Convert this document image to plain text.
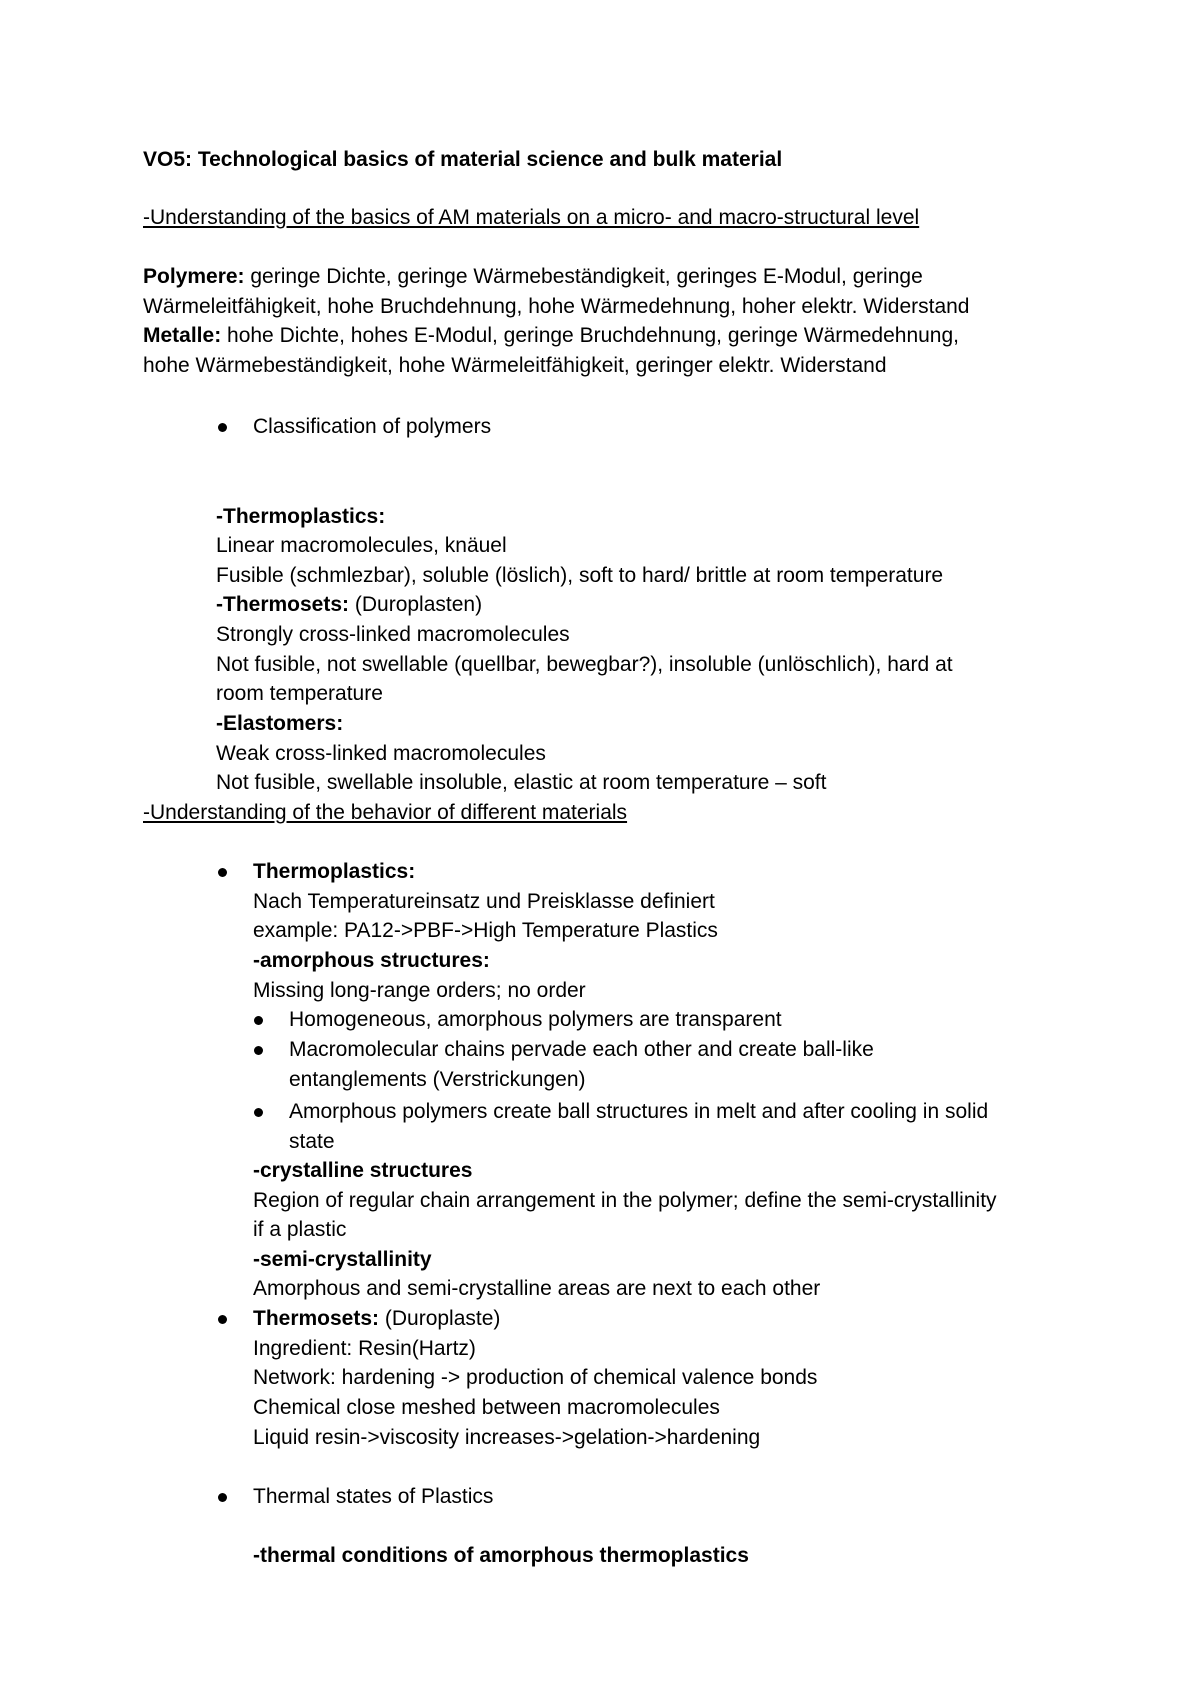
VO5: Technological basics of material science and bulk material
-Understanding of the basics of AM materials on a micro- and macro-structural level
Polymere: geringe Dichte, geringe Wärmebeständigkeit, geringes E-Modul, geringe
Wärmeleitfähigkeit, hohe Bruchdehnung, hohe Wärmedehnung, hoher elektr. Widerstand
Metalle: hohe Dichte, hohes E-Modul, geringe Bruchdehnung, geringe Wärmedehnung,
hohe Wärmebeständigkeit, hohe Wärmeleitfähigkeit, geringer elektr. Widerstand
Classification of polymers
-Thermoplastics:
Linear macromolecules, knäuel
Fusible (schmlezbar), soluble (löslich), soft to hard/ brittle at room temperature
-Thermosets: (Duroplasten)
Strongly cross-linked macromolecules
Not fusible, not swellable (quellbar, bewegbar?), insoluble (unlöschlich), hard at
room temperature
-Elastomers:
Weak cross-linked macromolecules
Not fusible, swellable insoluble, elastic at room temperature – soft
-Understanding of the behavior of different materials
Thermoplastics:
Nach Temperatureinsatz und Preisklasse definiert
example: PA12->PBF->High Temperature Plastics
-amorphous structures:
Missing long-range orders; no order
Homogeneous, amorphous polymers are transparent
Macromolecular chains pervade each other and create ball-like
entanglements (Verstrickungen)
Amorphous polymers create ball structures in melt and after cooling in solid
state
-crystalline structures
Region of regular chain arrangement in the polymer; define the semi-crystallinity
if a plastic
-semi-crystallinity
Amorphous and semi-crystalline areas are next to each other
Thermosets: (Duroplaste)
Ingredient: Resin(Hartz)
Network: hardening -> production of chemical valence bonds
Chemical close meshed between macromolecules
Liquid resin->viscosity increases->gelation->hardening
Thermal states of Plastics
-thermal conditions of amorphous thermoplastics
